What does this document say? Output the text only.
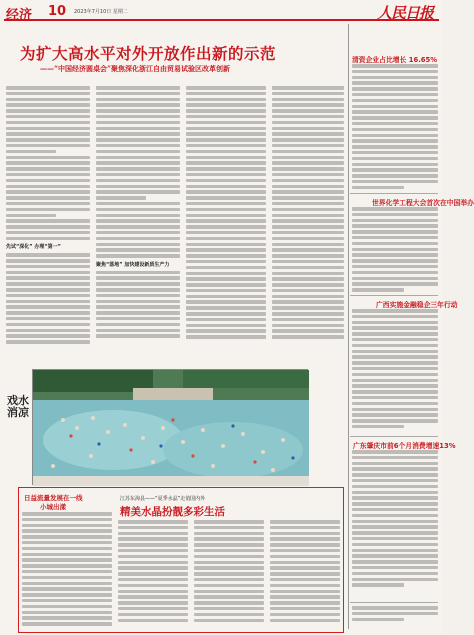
经济 10 2023年7月10日 星期二	人民日报
为扩大高水平对外开放作出新的示范
——“中国经济圆桌会”聚焦深化浙江自由贸易试验区改革创新
先试“深化” 办理“第一”
聚焦“落地” 加快建设新质生产力
戏水消凉
日益流量发展在一线
小城出漾
江苏东海县——“夏季水晶”走俏国内外
精美水晶扮靓多彩生活
清资企业占比增长 16.65%
世界化学工程大会首次在中国举办
广西实施金融稳企三年行动
广东肇庆市前6个月消费增速13%
